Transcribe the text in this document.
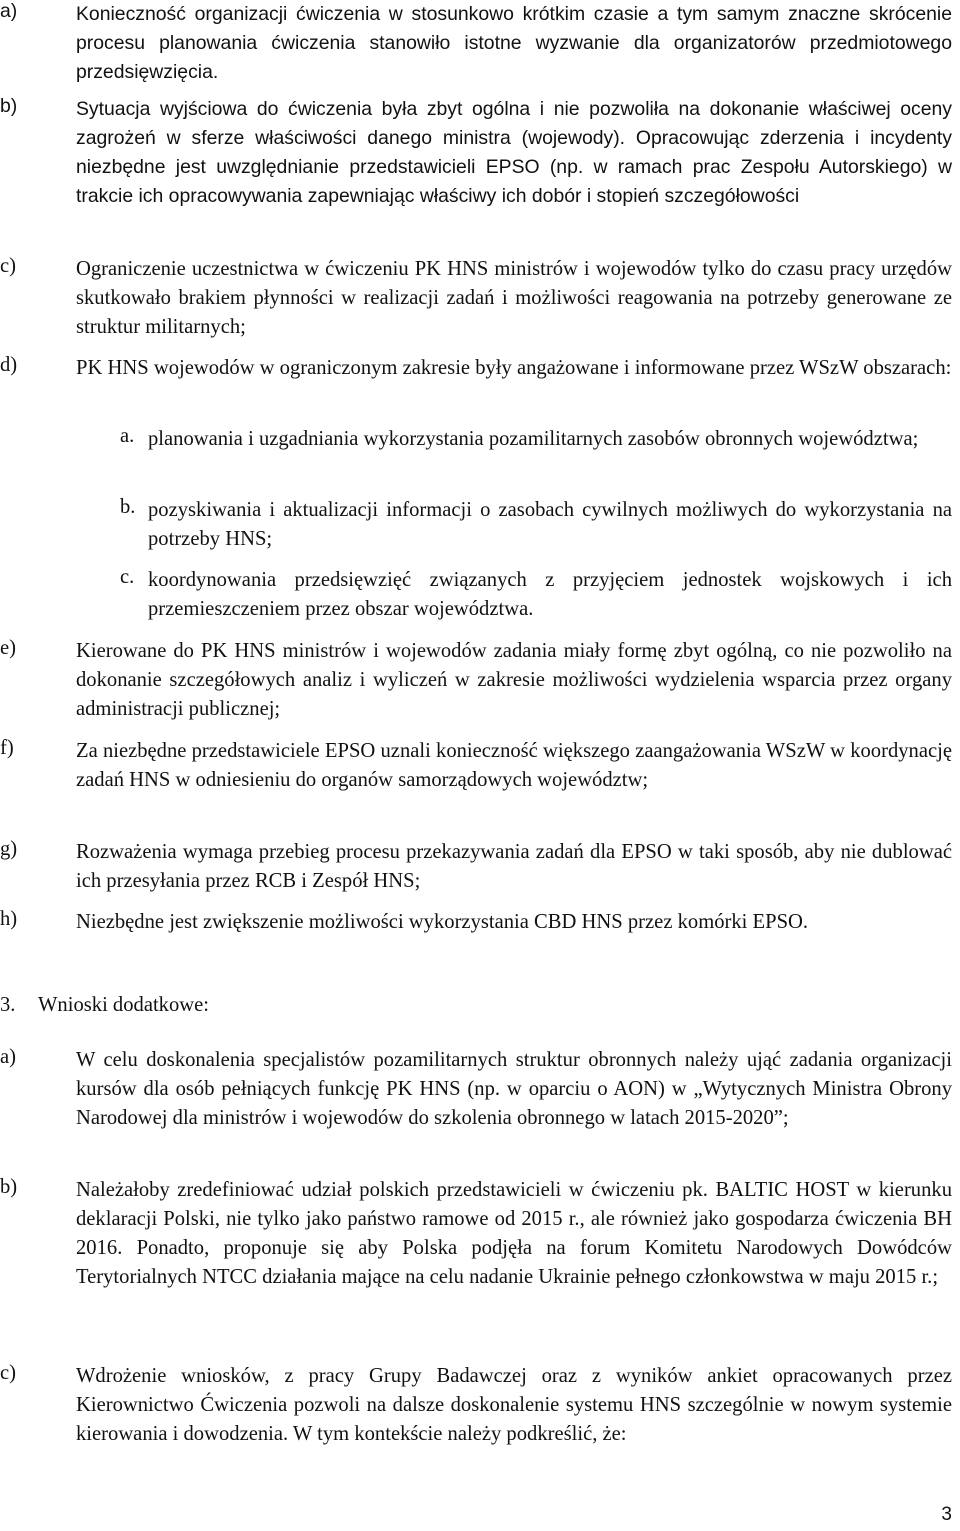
a)	Konieczność organizacji ćwiczenia w stosunkowo krótkim czasie a tym samym znaczne skrócenie procesu planowania ćwiczenia stanowiło istotne wyzwanie dla organizatorów przedmiotowego przedsięwzięcia.
b)	Sytuacja wyjściowa do ćwiczenia była zbyt ogólna i nie pozwoliła na dokonanie właściwej oceny zagrożeń w sferze właściwości danego ministra (wojewody). Opracowując zderzenia i incydenty niezbędne jest uwzględnianie przedstawicieli EPSO (np. w ramach prac Zespołu Autorskiego) w trakcie ich opracowywania zapewniając właściwy ich dobór i stopień szczegółowości
c)	Ograniczenie uczestnictwa w ćwiczeniu PK HNS ministrów i wojewodów tylko do czasu pracy urzędów skutkowało brakiem płynności w realizacji zadań i możliwości reagowania na potrzeby generowane ze struktur militarnych;
d)	PK HNS wojewodów w ograniczonym zakresie były angażowane i informowane przez WSzW obszarach:
a. planowania i uzgadniania wykorzystania pozamilitarnych zasobów obronnych województwa;
b. pozyskiwania i aktualizacji informacji o zasobach cywilnych możliwych do wykorzystania na potrzeby HNS;
c. koordynowania przedsięwzięć związanych z przyjęciem jednostek wojskowych i ich przemieszczeniem przez obszar województwa.
e)	Kierowane do PK HNS ministrów i wojewodów zadania miały formę zbyt ogólną, co nie pozwoliło na dokonanie szczegółowych analiz i wyliczeń w zakresie możliwości wydzielenia wsparcia przez organy administracji publicznej;
f)	Za niezbędne przedstawiciele EPSO uznali konieczność większego zaangażowania WSzW w koordynację zadań HNS w odniesieniu do organów samorządowych województw;
g)	Rozważenia wymaga przebieg procesu przekazywania zadań dla EPSO w taki sposób, aby nie dublować ich przesyłania przez RCB i Zespół HNS;
h)	Niezbędne jest zwiększenie możliwości wykorzystania CBD HNS przez komórki EPSO.
3. Wnioski dodatkowe:
a)	W celu doskonalenia specjalistów pozamilitarnych struktur obronnych należy ująć zadania organizacji kursów dla osób pełniących funkcję PK HNS (np. w oparciu o AON) w „Wytycznych Ministra Obrony Narodowej dla ministrów i wojewodów do szkolenia obronnego w latach 2015-2020”;
b)	Należałoby zredefiniować udział polskich przedstawicieli w ćwiczeniu pk. BALTIC HOST w kierunku deklaracji Polski, nie tylko jako państwo ramowe od 2015 r., ale również jako gospodarza ćwiczenia BH 2016. Ponadto, proponuje się aby Polska podjęła na forum Komitetu Narodowych Dowódców Terytorialnych NTCC działania mające na celu nadanie Ukrainie pełnego członkowstwa w maju 2015 r.;
c)	Wdrożenie wniosków, z pracy Grupy Badawczej oraz z wyników ankiet opracowanych przez Kierownictwo Ćwiczenia pozwoli na dalsze doskonalenie systemu HNS szczególnie w nowym systemie kierowania i dowodzenia. W tym kontekście należy podkreślić, że:
3
